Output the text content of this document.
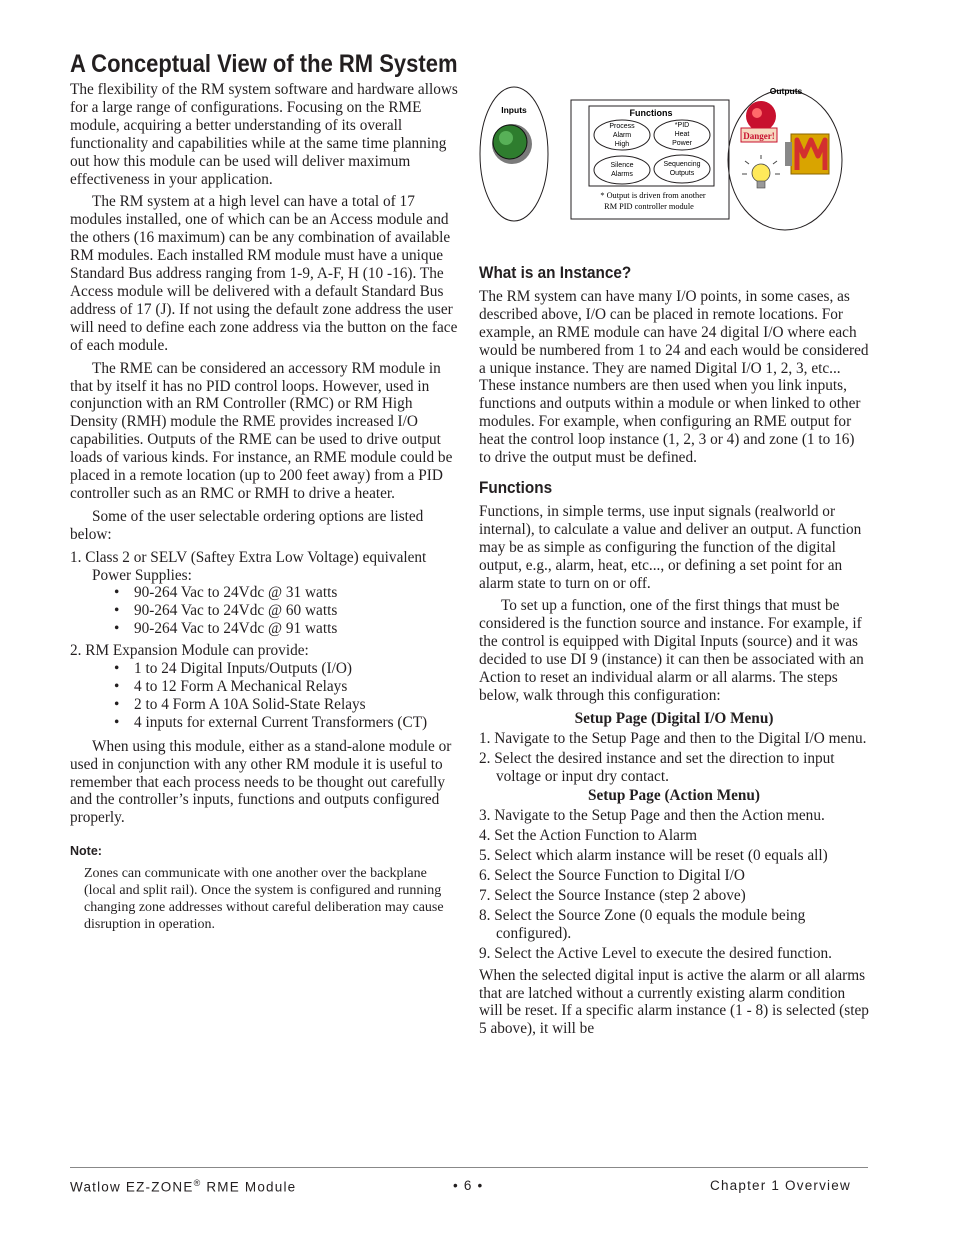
A Conceptual View of the RM System

The flexibility of the RM system software and hardware allows for a large range of configurations. Focusing on the RME module, acquiring a better understanding of its overall functionality and capabilities while at the same time planning out how this module can be used will deliver maximum effectiveness in your application.

The RM system at a high level can have a total of 17 modules installed, one of which can be an Access module and the others (16 maximum) can be any combination of available RM modules. Each installed RM module must have a unique Standard Bus address ranging from 1-9, A-F, H (10 -16). The Access module will be delivered with a default Standard Bus address of 17 (J). If not using the default zone address the user will need to define each zone address via the button on the face of each module.

The RME can be considered an accessory RM module in that by itself it has no PID control loops. However, used in conjunction with an RM Controller (RMC) or RM High Density (RMH) module the RME provides increased I/O capabilities. Outputs of the RME can be used to drive output loads of various kinds. For instance, an RME module could be placed in a remote location (up to 200 feet away) from a PID controller such as an RMC or RMH to drive a heater.

Some of the user selectable ordering options are listed below:

1. Class 2 or SELV (Saftey Extra Low Voltage) equivalent Power Supplies:
• 90-264 Vac to 24Vdc @ 31 watts
• 90-264 Vac to 24Vdc @ 60 watts
• 90-264 Vac to 24Vdc @ 91 watts
2. RM Expansion Module can provide:
• 1 to 24 Digital Inputs/Outputs (I/O)
• 4 to 12 Form A Mechanical Relays
• 2 to 4 Form A 10A Solid-State Relays
• 4 inputs for external Current Transformers (CT)

When using this module, either as a stand-alone module or used in conjunction with any other RM module it is useful to remember that each process needs to be thought out carefully and the controller’s inputs, functions and outputs configured properly.

Note:
Zones can communicate with one another over the backplane (local and split rail). Once the system is configured and running changing zone addresses without careful deliberation may cause disruption in operation.
Inputs	Functions
Process
Alarm
High
*PID
Heat
Power
Silence
Alarms
Sequencing
Outputs
* Output is driven from another
RM PID controller module
Outputs
Danger!
What is an Instance?

The RM system can have many I/O points, in some cases, as described above, I/O can be placed in remote locations. For example, an RME module can have 24 digital I/O where each would be numbered from 1 to 24 and each would be considered a unique instance. They are named Digital I/O 1, 2, 3, etc... These instance numbers are then used when you link inputs, functions and outputs within a module or when linked to other modules. For example, when configuring an RME output for heat the control loop instance (1, 2, 3 or 4) and zone (1 to 16) to drive the output must be defined.

Functions

Functions, in simple terms, use input signals (realworld or internal), to calculate a value and deliver an output. A function may be as simple as configuring the function of the digital output, e.g., alarm, heat, etc..., or defining a set point for an alarm state to turn on or off.

To set up a function, one of the first things that must be considered is the function source and instance. For example, if the control is equipped with Digital Inputs (source) and it was decided to use DI 9 (instance) it can then be associated with an Action to reset an individual alarm or all alarms. The steps below, walk through this configuration:

Setup Page (Digital I/O Menu)
1. Navigate to the Setup Page and then to the Digital I/O menu.
2. Select the desired instance and set the direction to input voltage or input dry contact.
Setup Page (Action Menu)
3. Navigate to the Setup Page and then the Action menu.
4. Set the Action Function to Alarm
5. Select which alarm instance will be reset (0 equals all)
6. Select the Source Function to Digital I/O
7. Select the Source Instance (step 2 above)
8. Select the Source Zone (0 equals the module being configured).
9. Select the Active Level to execute the desired function.

When the selected digital input is active the alarm or all alarms that are latched without a currently existing alarm condition will be reset. If a specific alarm instance (1 - 8) is selected (step 5 above), it will be

Watlow EZ-ZONE® RME Module	• 6 •	Chapter 1 Overview
